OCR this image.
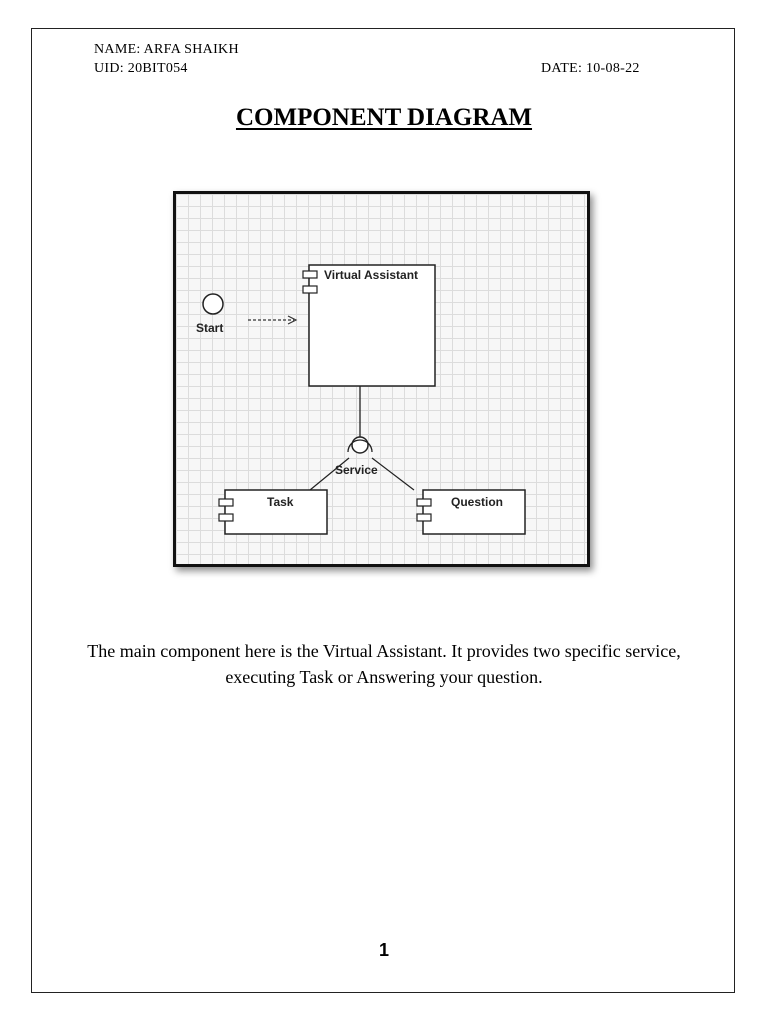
NAME: ARFA SHAIKH
UID: 20BIT054	DATE: 10-08-22
COMPONENT DIAGRAM
Start
Virtual Assistant
Service
Task	Question
The main component here is the Virtual Assistant. It provides two specific service, executing Task or Answering your question.
1
